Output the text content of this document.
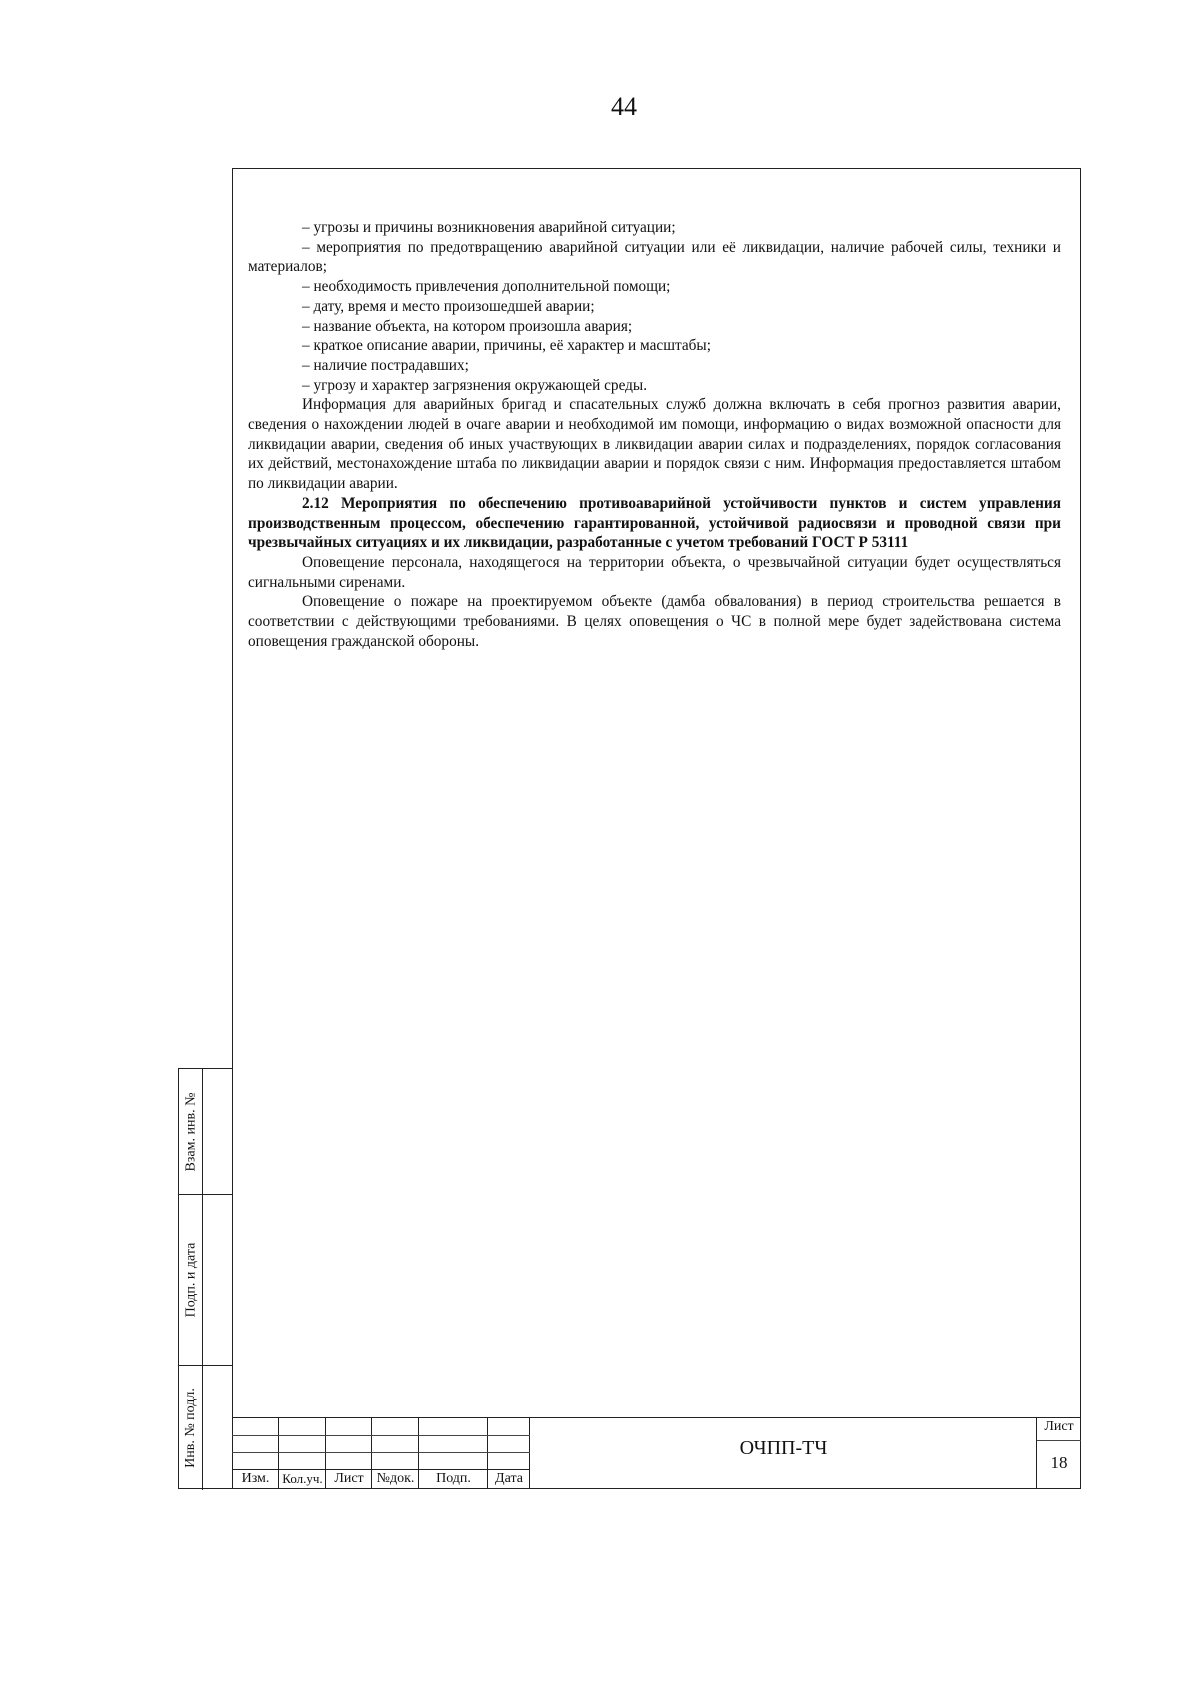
44

– угрозы и причины возникновения аварийной ситуации;

– мероприятия по предотвращению аварийной ситуации или её ликвидации, наличие рабочей силы, техники и материалов;

– необходимость привлечения дополнительной помощи;

– дату, время и место произошедшей аварии;

– название объекта, на котором произошла авария;

– краткое описание аварии, причины, её характер и масштабы;

– наличие пострадавших;

– угрозу и характер загрязнения окружающей среды.

Информация для аварийных бригад и спасательных служб должна включать в себя прогноз развития аварии, сведения о нахождении людей в очаге аварии и необходимой им помощи, информацию о видах возможной опасности для ликвидации аварии, сведения об иных участвующих в ликвидации аварии силах и подразделениях, порядок согласования их действий, местонахождение штаба по ликвидации аварии и порядок связи с ним. Информация предоставляется штабом по ликвидации аварии.

2.12 Мероприятия по обеспечению противоаварийной устойчивости пунктов и систем управления производственным процессом, обеспечению гарантированной, устойчивой радиосвязи и проводной связи при чрезвычайных ситуациях и их ликвидации, разработанные с учетом требований ГОСТ Р 53111

Оповещение персонала, находящегося на территории объекта, о чрезвычайной ситуации будет осуществляться сигнальными сиренами.

Оповещение о пожаре на проектируемом объекте (дамба обвалования) в период строительства решается в соответствии с действующими требованиями. В целях оповещения о ЧС в полной мере будет задействована система оповещения гражданской обороны.

Взам. инв. №
Подп. и дата
Инв. № подл.
Изм. Кол.уч. Лист №док.	Подп.	Дата
ОЧПП-ТЧ
Лист
18
